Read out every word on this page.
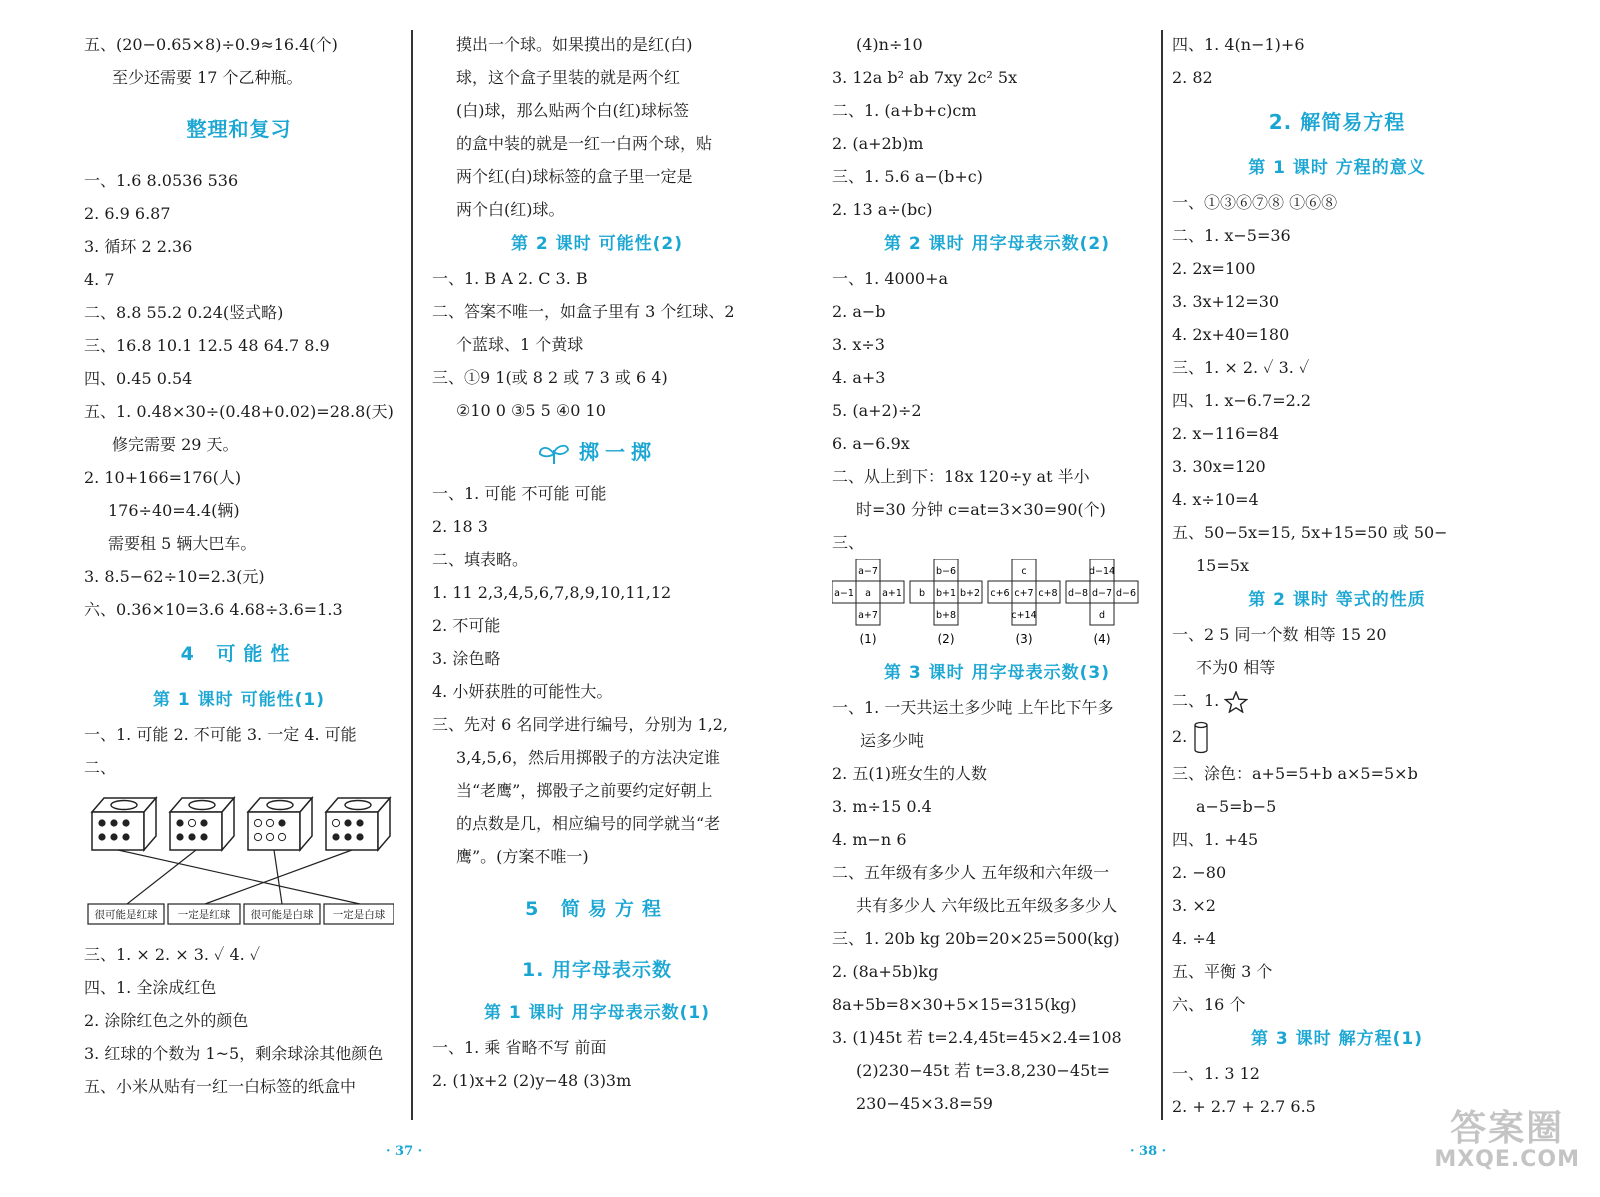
五、(20−0.65×8)÷0.9≈16.4(个)
至少还需要 17 个乙种瓶。
整理和复习
一、1.6 8.0536 536
2. 6.9 6.87
3. 循环 2 2.36
4. 7
二、8.8 55.2 0.24(竖式略)
三、16.8 10.1 12.5 48 64.7 8.9
四、0.45 0.54
五、1. 0.48×30÷(0.48+0.02)=28.8(天)
修完需要 29 天。
2. 10+166=176(人)
176÷40=4.4(辆)
需要租 5 辆大巴车。
3. 8.5−62÷10=2.3(元)
六、0.36×10=3.6 4.68÷3.6=1.3
4 可能性
第 1 课时 可能性(1)
一、1. 可能 2. 不可能 3. 一定 4. 可能
二、
很可能是红球 一定是红球 很可能是白球 一定是白球
三、1. × 2. × 3. ✓ 4. ✓
四、1. 全涂成红色
2. 涂除红色之外的颜色
3. 红球的个数为 1~5，剩余球涂其他颜色
五、小米从贴有一红一白标签的纸盒中
摸出一个球。如果摸出的是红(白)
球，这个盒子里装的就是两个红
(白)球，那么贴两个白(红)球标签
的盒中装的就是一红一白两个球，贴
两个红(白)球标签的盒子里一定是
两个白(红)球。
第 2 课时 可能性(2)
一、1. B A 2. C 3. B
二、答案不唯一，如盒子里有 3 个红球、2
个蓝球、1 个黄球
三、①9 1(或 8 2 或 7 3 或 6 4)
②10 0 ③5 5 ④0 10
掷一掷
一、1. 可能 不可能 可能
2. 18 3
二、填表略。
1. 11 2,3,4,5,6,7,8,9,10,11,12
2. 不可能
3. 涂色略
4. 小妍获胜的可能性大。
三、先对 6 名同学进行编号，分别为 1,2,
3,4,5,6，然后用掷骰子的方法决定谁
当“老鹰”，掷骰子之前要约定好朝上
的点数是几，相应编号的同学就当“老
鹰”。(方案不唯一)
5 简易方程
1. 用字母表示数
第 1 课时 用字母表示数(1)
一、1. 乘 省略不写 前面
2. (1)x+2 (2)y−48 (3)3m
(4)n÷10
3. 12a b² ab 7xy 2c² 5x
二、1. (a+b+c)cm
2. (a+2b)m
三、1. 5.6 a−(b+c)
2. 13 a÷(bc)
第 2 课时 用字母表示数(2)
一、1. 4000+a
2. a−b
3. x÷3
4. a+3
5. (a+2)÷2
6. a−6.9x
二、从上到下：18x 120÷y at 半小
时=30 分钟 c=at=3×30=90(个)
三、
a−7
a−1 a a+1
a+7
(1)
b−6
b b+1 b+2
b+8
(2)
c
c+6 c+7 c+8
c+14
(3)
d−14
d−8 d−7 d−6
d
(4)
第 3 课时 用字母表示数(3)
一、1. 一天共运土多少吨 上午比下午多
运多少吨
2. 五(1)班女生的人数
3. m÷15 0.4
4. m−n 6
二、五年级有多少人 五年级和六年级一
共有多少人 六年级比五年级多多少人
三、1. 20b kg 20b=20×25=500(kg)
2. (8a+5b)kg
8a+5b=8×30+5×15=315(kg)
3. (1)45t 若 t=2.4,45t=45×2.4=108
(2)230−45t 若 t=3.8,230−45t=
230−45×3.8=59
四、1. 4(n−1)+6
2. 82
2. 解简易方程
第 1 课时 方程的意义
一、①③⑥⑦⑧ ①⑥⑧
二、1. x−5=36
2. 2x=100
3. 3x+12=30
4. 2x+40=180
三、1. × 2. ✓ 3. ✓
四、1. x−6.7=2.2
2. x−116=84
3. 30x=120
4. x÷10=4
五、50−5x=15, 5x+15=50 或 50−
15=5x
第 2 课时 等式的性质
一、2 5 同一个数 相等 15 20
不为0 相等
二、1.
2.
三、涂色：a+5=5+b a×5=5×b
a−5=b−5
四、1. +45
2. −80
3. ×2
4. ÷4
五、平衡 3 个
六、16 个
第 3 课时 解方程(1)
一、1. 3 12
2. + 2.7 + 2.7 6.5
· 37 ·	· 38 ·
答案圈
MXQE.COM
